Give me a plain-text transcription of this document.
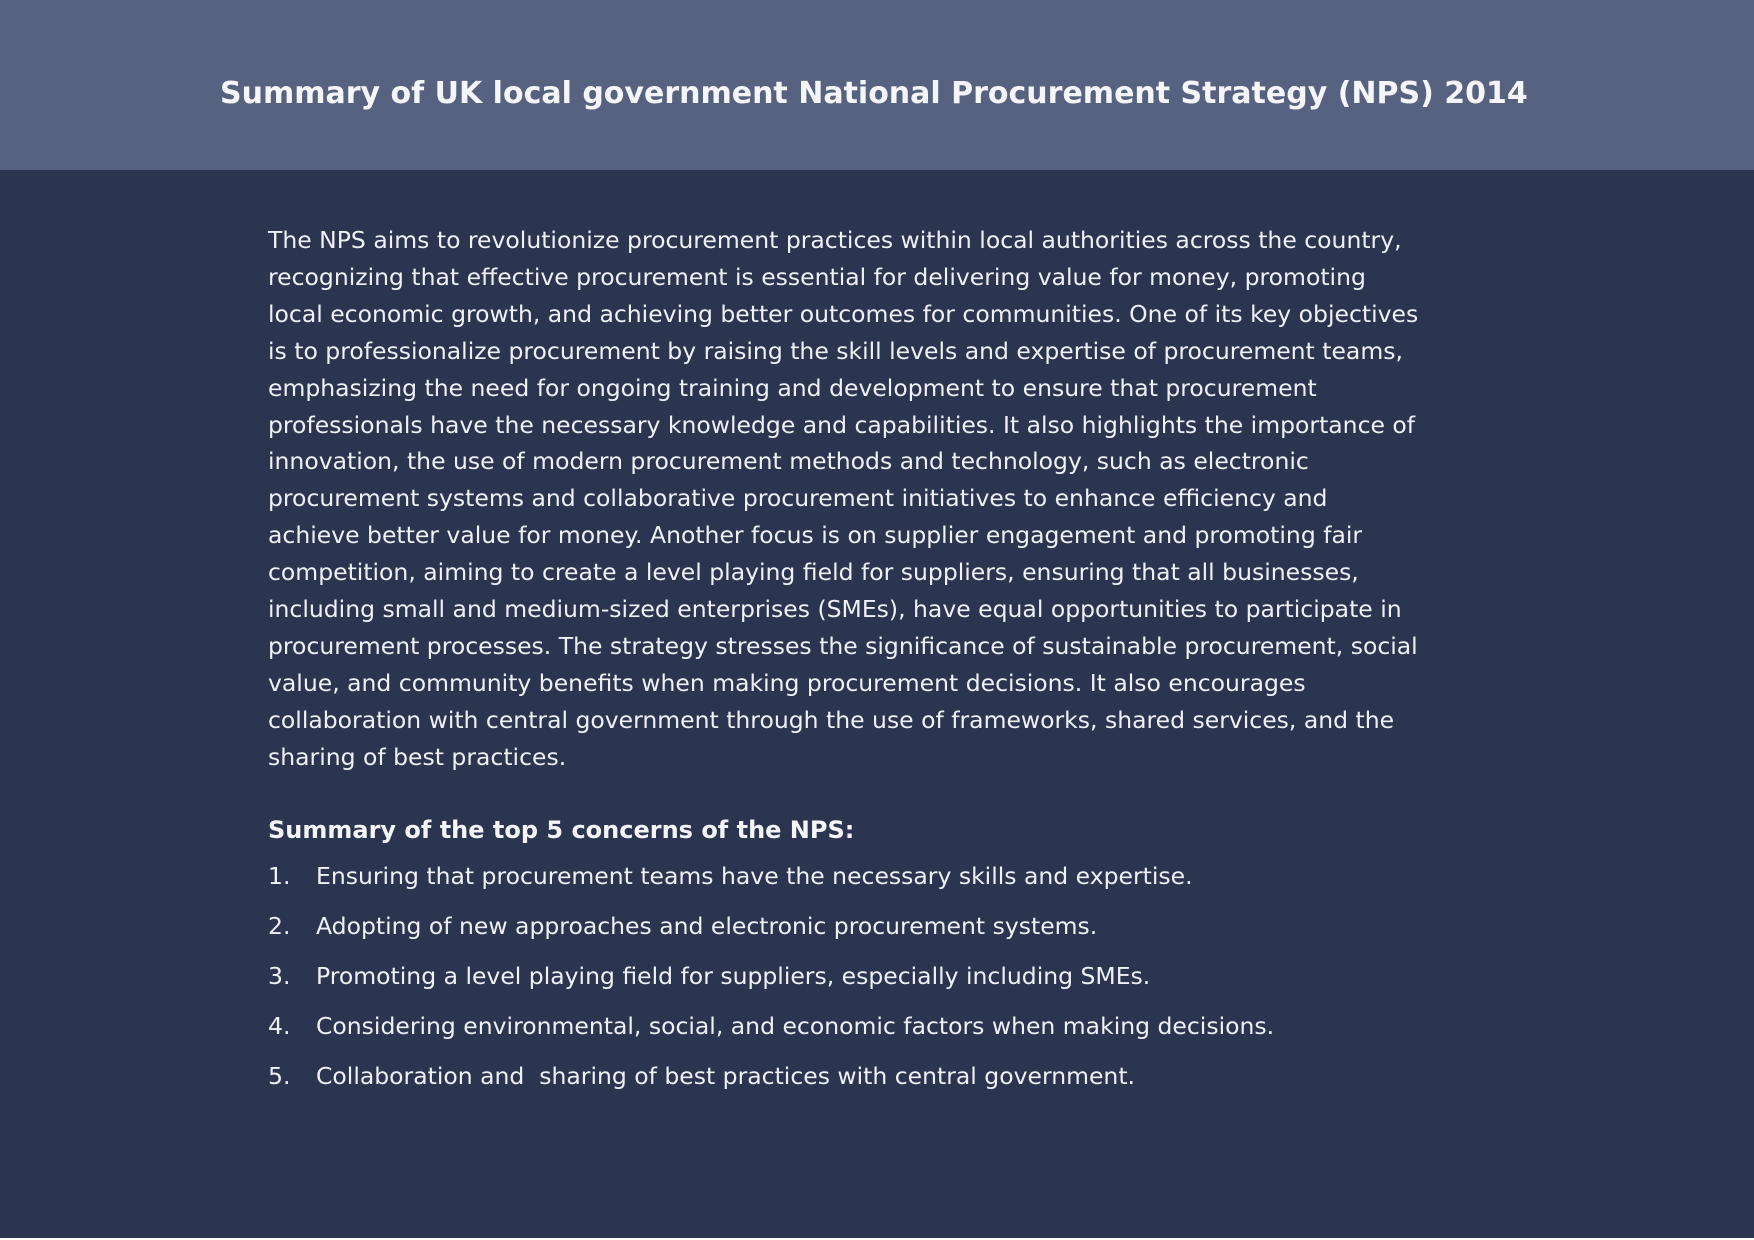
Summary of UK local government National Procurement Strategy (NPS) 2014

The NPS aims to revolutionize procurement practices within local authorities across the country,
recognizing that effective procurement is essential for delivering value for money, promoting
local economic growth, and achieving better outcomes for communities. One of its key objectives
is to professionalize procurement by raising the skill levels and expertise of procurement teams,
emphasizing the need for ongoing training and development to ensure that procurement
professionals have the necessary knowledge and capabilities. It also highlights the importance of
innovation, the use of modern procurement methods and technology, such as electronic
procurement systems and collaborative procurement initiatives to enhance efficiency and
achieve better value for money. Another focus is on supplier engagement and promoting fair
competition, aiming to create a level playing field for suppliers, ensuring that all businesses,
including small and medium-sized enterprises (SMEs), have equal opportunities to participate in
procurement processes. The strategy stresses the significance of sustainable procurement, social
value, and community benefits when making procurement decisions. It also encourages
collaboration with central government through the use of frameworks, shared services, and the
sharing of best practices.

Summary of the top 5 concerns of the NPS:
1.	Ensuring that procurement teams have the necessary skills and expertise.
2.	Adopting of new approaches and electronic procurement systems.
3.	Promoting a level playing field for suppliers, especially including SMEs.
4.	Considering environmental, social, and economic factors when making decisions.
5.	Collaboration and  sharing of best practices with central government.
